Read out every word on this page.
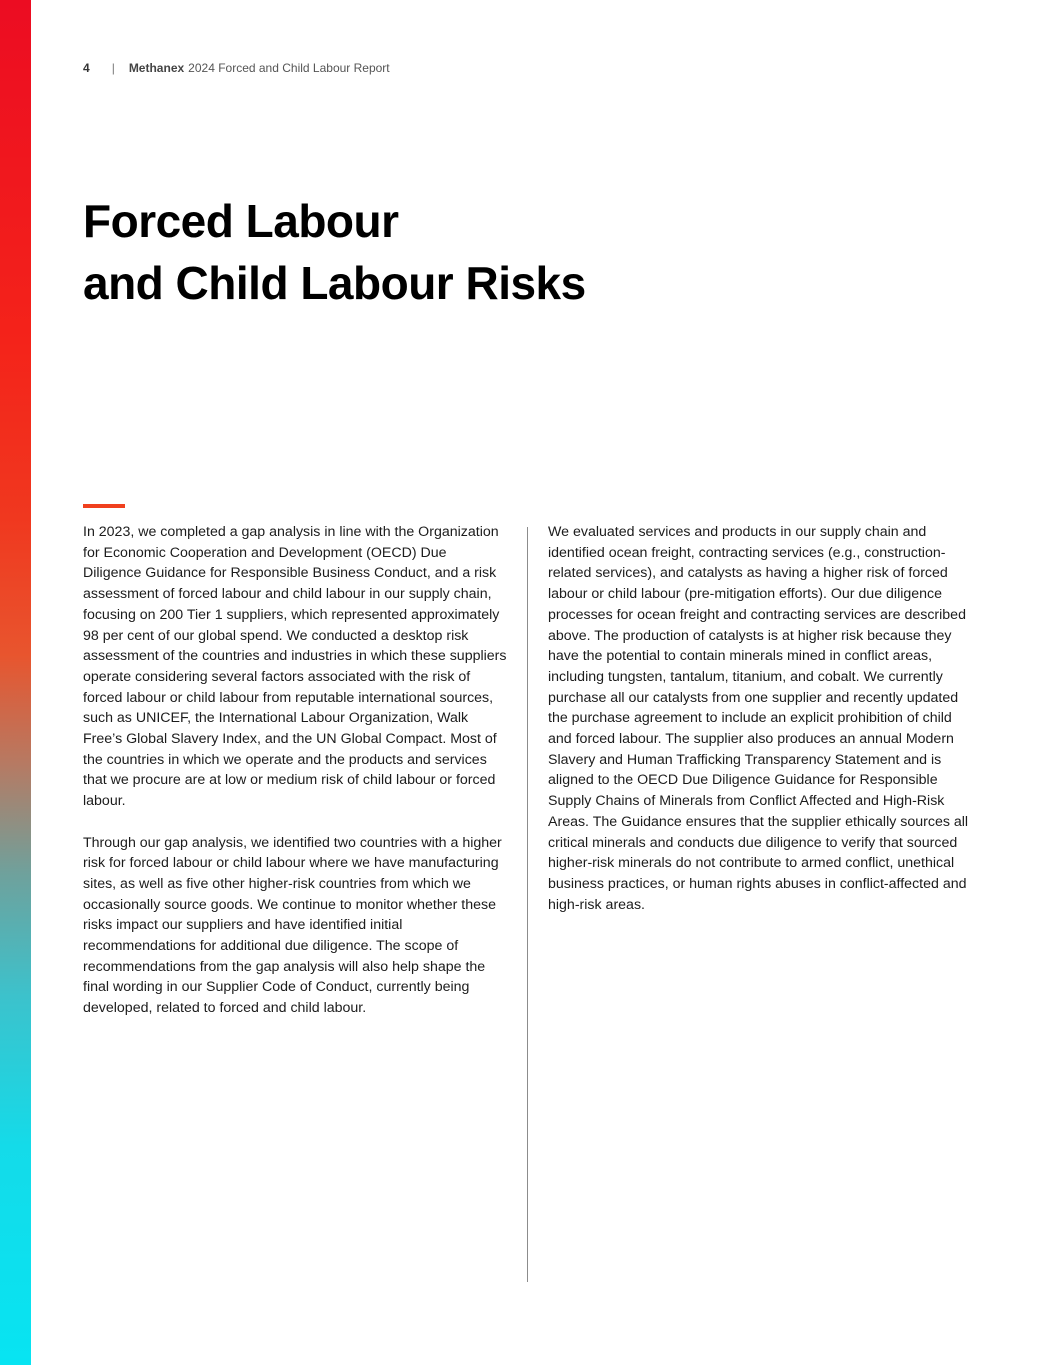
4 | Methanex 2024 Forced and Child Labour Report
Forced Labour
and Child Labour Risks

In 2023, we completed a gap analysis in line with the Organization for Economic Cooperation and Development (OECD) Due Diligence Guidance for Responsible Business Conduct, and a risk assessment of forced labour and child labour in our supply chain, focusing on 200 Tier 1 suppliers, which represented approximately 98 per cent of our global spend. We conducted a desktop risk assessment of the countries and industries in which these suppliers operate considering several factors associated with the risk of forced labour or child labour from reputable international sources, such as UNICEF, the International Labour Organization, Walk Free’s Global Slavery Index, and the UN Global Compact. Most of the countries in which we operate and the products and services that we procure are at low or medium risk of child labour or forced labour.

Through our gap analysis, we identified two countries with a higher risk for forced labour or child labour where we have manufacturing sites, as well as five other higher-risk countries from which we occasionally source goods. We continue to monitor whether these risks impact our suppliers and have identified initial recommendations for additional due diligence. The scope of recommendations from the gap analysis will also help shape the final wording in our Supplier Code of Conduct, currently being developed, related to forced and child labour.

We evaluated services and products in our supply chain and identified ocean freight, contracting services (e.g., construction-related services), and catalysts as having a higher risk of forced labour or child labour (pre-mitigation efforts). Our due diligence processes for ocean freight and contracting services are described above. The production of catalysts is at higher risk because they have the potential to contain minerals mined in conflict areas, including tungsten, tantalum, titanium, and cobalt. We currently purchase all our catalysts from one supplier and recently updated the purchase agreement to include an explicit prohibition of child and forced labour. The supplier also produces an annual Modern Slavery and Human Trafficking Transparency Statement and is aligned to the OECD Due Diligence Guidance for Responsible Supply Chains of Minerals from Conflict Affected and High-Risk Areas. The Guidance ensures that the supplier ethically sources all critical minerals and conducts due diligence to verify that sourced higher-risk minerals do not contribute to armed conflict, unethical business practices, or human rights abuses in conflict-affected and high-risk areas.
